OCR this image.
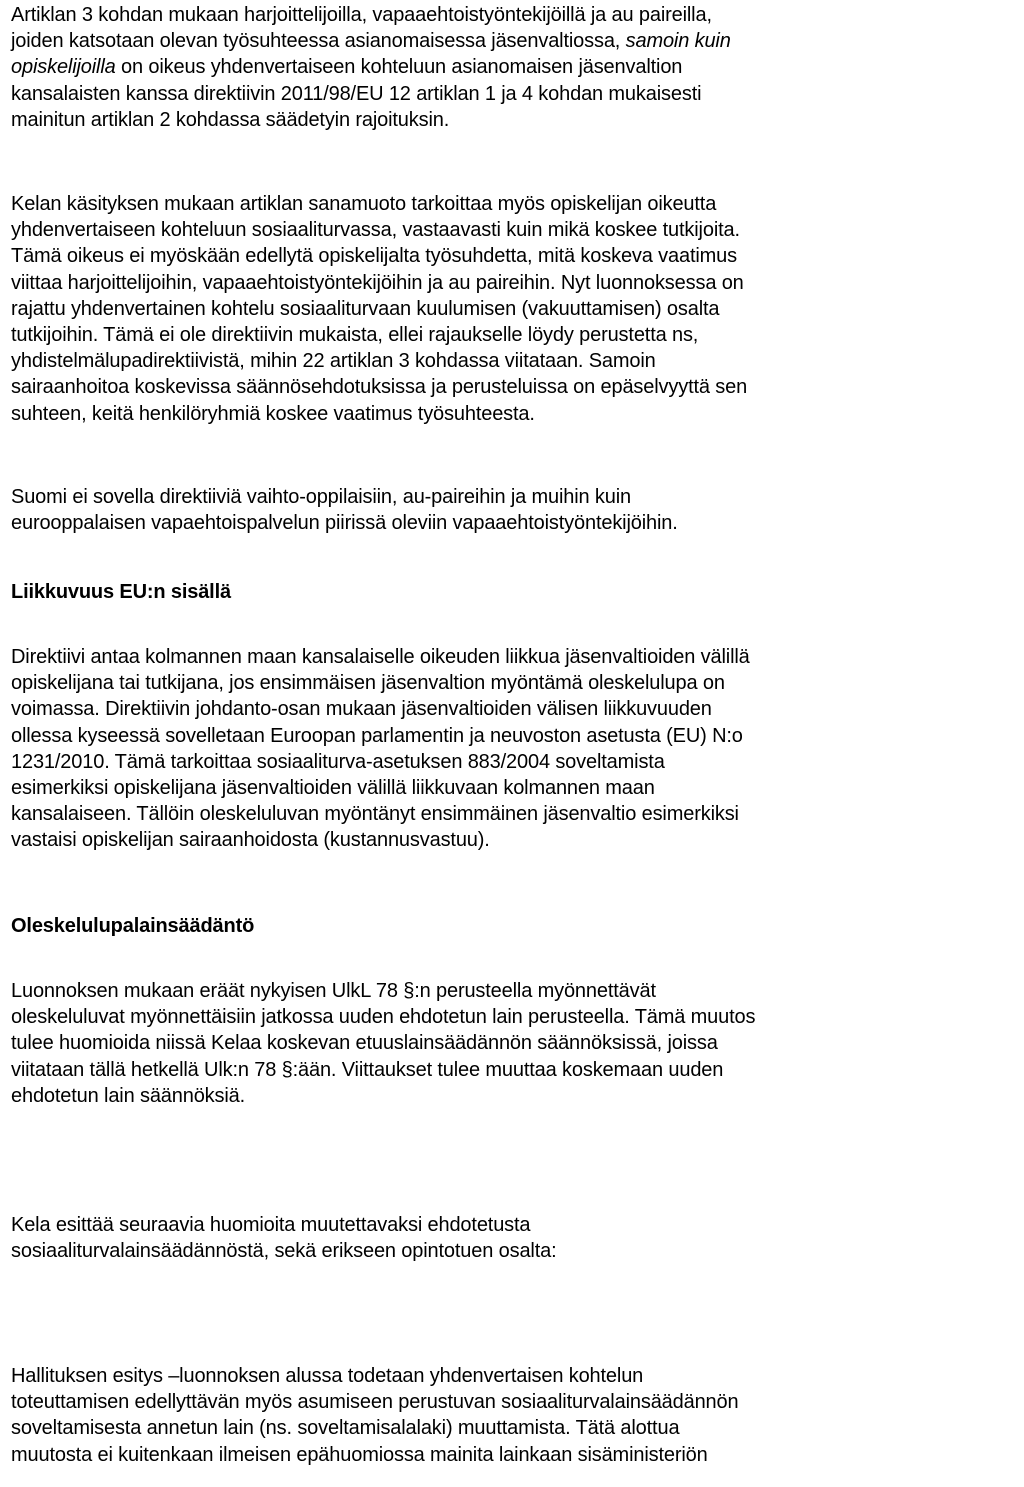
Artiklan 3 kohdan mukaan harjoittelijoilla, vapaaehtoistyöntekijöillä ja au paireilla,
joiden katsotaan olevan työsuhteessa asianomaisessa jäsenvaltiossa, samoin kuin
opiskelijoilla on oikeus yhdenvertaiseen kohteluun asianomaisen jäsenvaltion
kansalaisten kanssa direktiivin 2011/98/EU 12 artiklan 1 ja 4 kohdan mukaisesti
mainitun artiklan 2 kohdassa säädetyin rajoituksin.

Kelan käsityksen mukaan artiklan sanamuoto tarkoittaa myös opiskelijan oikeutta
yhdenvertaiseen kohteluun sosiaaliturvassa, vastaavasti kuin mikä koskee tutkijoita.
Tämä oikeus ei myöskään edellytä opiskelijalta työsuhdetta, mitä koskeva vaatimus
viittaa harjoittelijoihin, vapaaehtoistyöntekijöihin ja au paireihin. Nyt luonnoksessa on
rajattu yhdenvertainen kohtelu sosiaaliturvaan kuulumisen (vakuuttamisen) osalta
tutkijoihin. Tämä ei ole direktiivin mukaista, ellei rajaukselle löydy perustetta ns,
yhdistelmälupadirektiivistä, mihin 22 artiklan 3 kohdassa viitataan. Samoin
sairaanhoitoa koskevissa säännösehdotuksissa ja perusteluissa on epäselvyyttä sen
suhteen, keitä henkilöryhmiä koskee vaatimus työsuhteesta.

Suomi ei sovella direktiiviä vaihto-oppilaisiin, au-paireihin ja muihin kuin
eurooppalaisen vapaehtoispalvelun piirissä oleviin vapaaehtoistyöntekijöihin.

Liikkuvuus EU:n sisällä

Direktiivi antaa kolmannen maan kansalaiselle oikeuden liikkua jäsenvaltioiden välillä
opiskelijana tai tutkijana, jos ensimmäisen jäsenvaltion myöntämä oleskelulupa on
voimassa. Direktiivin johdanto-osan mukaan jäsenvaltioiden välisen liikkuvuuden
ollessa kyseessä sovelletaan Euroopan parlamentin ja neuvoston asetusta (EU) N:o
1231/2010. Tämä tarkoittaa sosiaaliturva-asetuksen 883/2004 soveltamista
esimerkiksi opiskelijana jäsenvaltioiden välillä liikkuvaan kolmannen maan
kansalaiseen. Tällöin oleskeluluvan myöntänyt ensimmäinen jäsenvaltio esimerkiksi
vastaisi opiskelijan sairaanhoidosta (kustannusvastuu).

Oleskelulupalainsäädäntö

Luonnoksen mukaan eräät nykyisen UlkL 78 §:n perusteella myönnettävät
oleskeluluvat myönnettäisiin jatkossa uuden ehdotetun lain perusteella. Tämä muutos
tulee huomioida niissä Kelaa koskevan etuuslainsäädännön säännöksissä, joissa
viitataan tällä hetkellä Ulk:n 78 §:ään. Viittaukset tulee muuttaa koskemaan uuden
ehdotetun lain säännöksiä.

Kela esittää seuraavia huomioita muutettavaksi ehdotetusta
sosiaaliturvalainsäädännöstä, sekä erikseen opintotuen osalta:

Hallituksen esitys –luonnoksen alussa todetaan yhdenvertaisen kohtelun
toteuttamisen edellyttävän myös asumiseen perustuvan sosiaaliturvalainsäädännön
soveltamisesta annetun lain (ns. soveltamisalalaki) muuttamista. Tätä alottua
muutosta ei kuitenkaan ilmeisen epähuomiossa mainita lainkaan sisäministeriön
